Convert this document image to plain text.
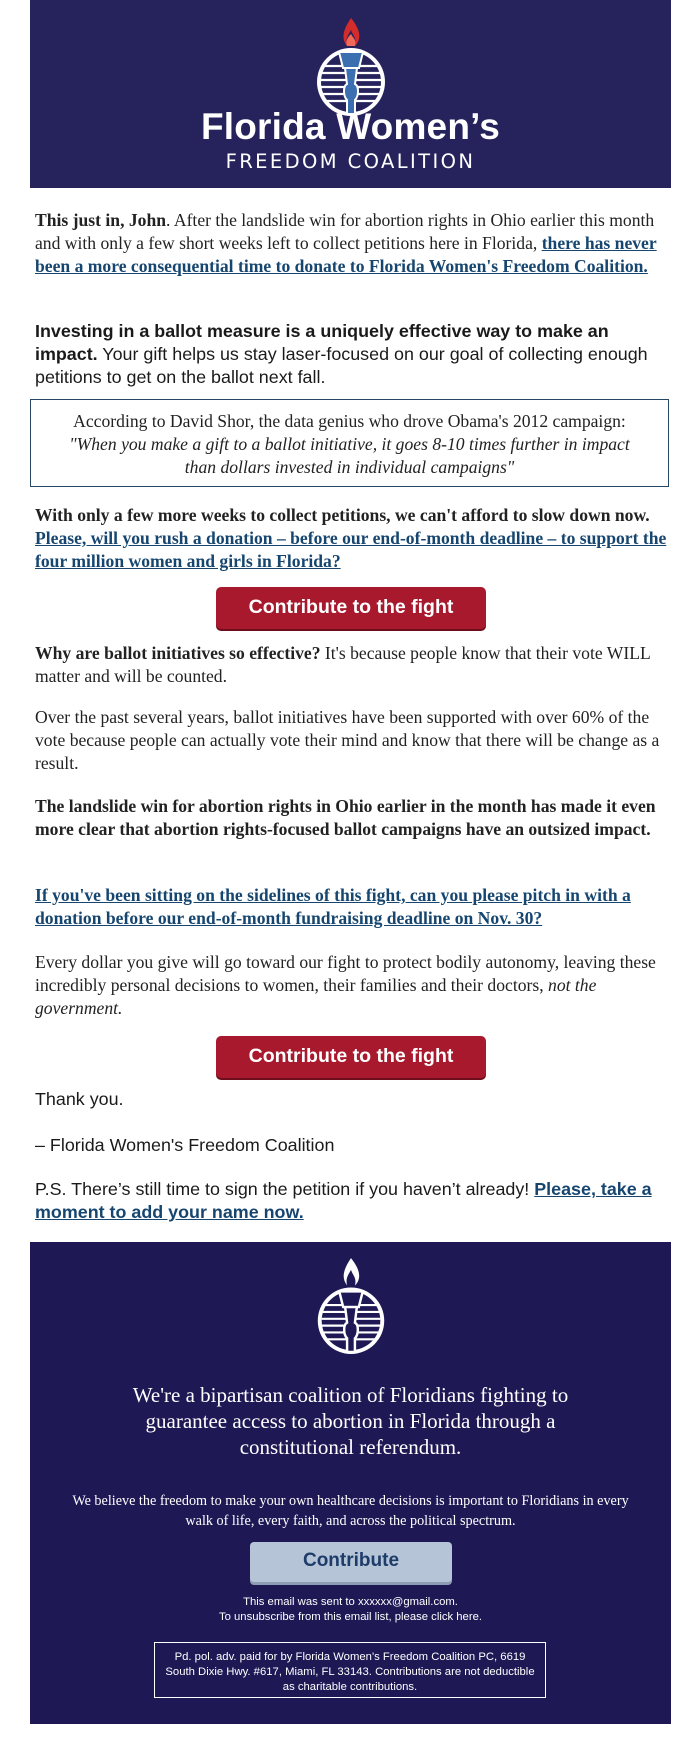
Florida Women’s
FREEDOM COALITION

This just in, John. After the landslide win for abortion rights in Ohio earlier this month and with only a few short weeks left to collect petitions here in Florida, there has never been a more consequential time to donate to Florida Women's Freedom Coalition.

Investing in a ballot measure is a uniquely effective way to make an impact. Your gift helps us stay laser-focused on our goal of collecting enough petitions to get on the ballot next fall.

According to David Shor, the data genius who drove Obama's 2012 campaign:
"When you make a gift to a ballot initiative, it goes 8-10 times further in impact than dollars invested in individual campaigns"

With only a few more weeks to collect petitions, we can't afford to slow down now. Please, will you rush a donation – before our end-of-month deadline – to support the four million women and girls in Florida?

Contribute to the fight

Why are ballot initiatives so effective? It's because people know that their vote WILL matter and will be counted.

Over the past several years, ballot initiatives have been supported with over 60% of the vote because people can actually vote their mind and know that there will be change as a result.

The landslide win for abortion rights in Ohio earlier in the month has made it even more clear that abortion rights-focused ballot campaigns have an outsized impact.

If you've been sitting on the sidelines of this fight, can you please pitch in with a donation before our end-of-month fundraising deadline on Nov. 30?

Every dollar you give will go toward our fight to protect bodily autonomy, leaving these incredibly personal decisions to women, their families and their doctors, not the government.

Contribute to the fight

Thank you.

– Florida Women's Freedom Coalition

P.S. There’s still time to sign the petition if you haven’t already! Please, take a moment to add your name now.

We're a bipartisan coalition of Floridians fighting to guarantee access to abortion in Florida through a constitutional referendum.
We believe the freedom to make your own healthcare decisions is important to Floridians in every walk of life, every faith, and across the political spectrum.
Contribute
This email was sent to xxxxxx@gmail.com.
To unsubscribe from this email list, please click here.
Pd. pol. adv. paid for by Florida Women's Freedom Coalition PC, 6619 South Dixie Hwy. #617, Miami, FL 33143. Contributions are not deductible as charitable contributions.
